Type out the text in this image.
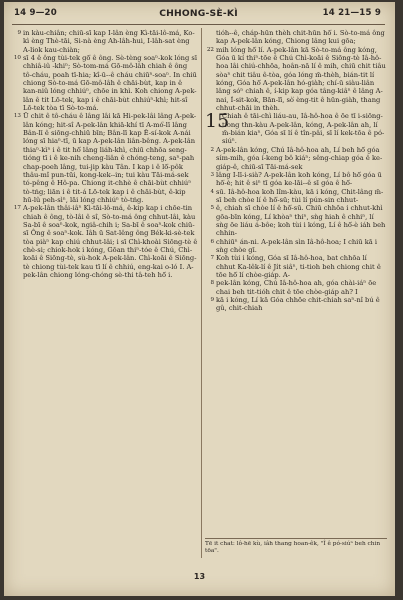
14 9—20	CHHONG-SÈ-KÌ	14 21—15 9
9 in kàu-chiân; chiū-sī kap I-lân èng Kì-tāi-lô-má, Ko-kì èng Thè-tāi, Si-nà èng Ah-lâh-hui, I-lâh-sat èng A-liok kau-chiàn;
10 sī 4 ê ông tùi-tek gō͘ ê ông. Sè-tèng soaⁿ-kok lóng sī chhiâ-iû -khiⁿ; Sò-tom-má Gō-mô-lâh chiah ê ông tô-cháu, poah tī-hia; kî-ū--ê cháu chiūⁿ-soaⁿ. In chiū chiong Sò-to-má Gō-mô-lâh ê chāi-bùt, kap in ê kan-niû lóng chhiúⁿ, chōe in khì. Koh chiong A-pek-lân ê tit Lō-tek, kap i ê chāi-bùt chhiúⁿ-khì; hit-sî Lō-tek tòa tī Sò-to-má.
13 Ū chit ê tô-cháu ê lâng lâi kā Hi-pek-lâi lâng A-pek-lân kóng; hit-sî A-pek-lân khiā-khí tī A-mó͘-lī lâng Bân-lī ê siōng-chhiū bīn; Bân-lī kap Ê-sí-kok A-nái lóng sī hiaⁿ-tī, ū kap A-pek-lân liân-bêng. A-pek-lân thiaⁿ-kìⁿ i ê tit hō͘ lâng liáh-khì, chiū chhōa seng-tióng tī i ê ke-nih cheng-liân ê chóng-teng, saⁿ-pah chap-poeh lâng, tui-jip kàu Tân. I kap i ê lō͘-pôk thâu-mî pun-tūi, kong-kek--in; tui kàu Tāi-má-sek tó-pêng ê Hô-pa. Chiong it-chhè ê chāi-bùt chhiúⁿ tò-tńg; liān i ê tit-á Lō-tek kap i ê chāi-bùt, ê-kip hū-lû peh-sìⁿ, lāi lóng chhiúⁿ tò-tńg.
17 A-pek-lân thâi-iâⁿ Kì-tāi-lô-má, ê-kip kap i chōe-tin chiah ê ông, tò-lâi ê sî, Sò-to-má ông chhut-lâi, kàu Sa-bī ê soaⁿ-kok, ngiâ-chih i; Sa-bī ê soaⁿ-kok chiū-sī Ông ê soaⁿ-kok. Iâh ū Sat-lêng ông Bék-ki-sè-tek tòa piàⁿ kap chiú chhut-lâi; i sī Chì-khoài Siōng-tè ê chè-si; chiok-hok i kóng, Gōan thiⁿ-tóe ê Chú, Chì-koāi ê Siōng-tè, sù-hok A-pek-lân. Chì-koāi ê Siōng-tè chiong tùi-tek kau tī lí ê chhiú, eng-kai o-ló I. A-pek-lân chiong lóng-chóng sè-thi tâ-teh hō͘ i.
tióh--ê, cháp-hūn thèh chit-hūn hō͘ i. Sò-to-má ông kap A-pek-lân kóng, Chiong lâng kui gōa;
22 mih lóng hō͘ lí. A-pek-lân kā Sò-to-má ông kóng, Góa ū kí thiⁿ-tōe ê Chú Chì-koāi ê Siōng-tè Iâ-hô-hoa lâi chiú-chhōa, hoân-nā lí ê mih, chiū chit tiâu sòaⁿ chit tiâu ê-tòa, góa lóng m̄-thèh, bián-tit lí kóng, Góa hō͘ A-pek-lân hó-giàh; chí-ū siàu-liân lâng sóⁿ chiah ê, í-kip kap góa tâng-kiâⁿ ê lâng A-nai, Í-sit-kok, Bān-lī, sò͘ èng-tit ê hūn-giàh, thang chhut-chāi in thèh.
15
Chiah ê tāi-chì liáu-au, Iâ-hô-hoa ê ōe tī i-siōng-tiong thn-kàu A-pek-lân, kóng, A-pek-lân ah, lí m̄-bián kiaⁿ, Góa sī lí ê tîn-pâi, sī lí kek-tōa ê pó-siúⁿ.
2 A-pek-lân kóng, Chú Iâ-hô-hoa ah, Lí beh hō͘ góa sím-mih, góa í-keng bô kiáⁿ; sêng-chiap góa ê ke-giáp-ê, chiū-sī Tāi-má-sek
3 lâng I-lī-i-sià? A-pek-lân koh kóng, Lí bô hō͘ góa ū hō͘-è; hit ê siⁿ tī góa ke-lāi--ê sī góa ê hō͘-
4 sū. Iâ-hô-hoa koh lîm-kàu, kā i kóng, Chit-lâng m̄-sī beh chòe lí ê hō͘-sū; tùi lí pún-sin chhut-
5 ê, chiah sī chòe lí ê hō͘-sū. Chiū chhōa i chhut-khì gōa-bīn kóng, Lí khòaⁿ thiⁿ, sǹg hiah ê chhiⁿ, lí sǹg ōe liáu á-bôe; koh tùi i kóng, Lí ê hō͘-è iáh beh chhin-
6 chhiūⁿ án-ni. A-pek-lân sìn Iâ-hô-hoa; I chiū kā i sǹg chòe gī.
7 Koh tùi i kóng, Góa sī Iâ-hô-hoa, bat chhōa lí chhut Ka-lêk-lí ê Ji̍t siâⁿ, ti-tioh beh chiong chit ê tōe hō͘ lí chòe-giáp. A-
8 pek-lân kóng, Chú Iâ-hô-hoa ah, góa chài-iáⁿ ōe chai beh tit-tióh chit ê tōe chòe-giáp ah? I
9 kā i kóng, Lí kā Góa chhōe chit-chiah saⁿ-nî bú ê gû, chit-chiah
Tē it chat: lô-hē kù, iâh thang hoan-êk, "Î ê pó-siúⁿ beh chin tōa".
13
